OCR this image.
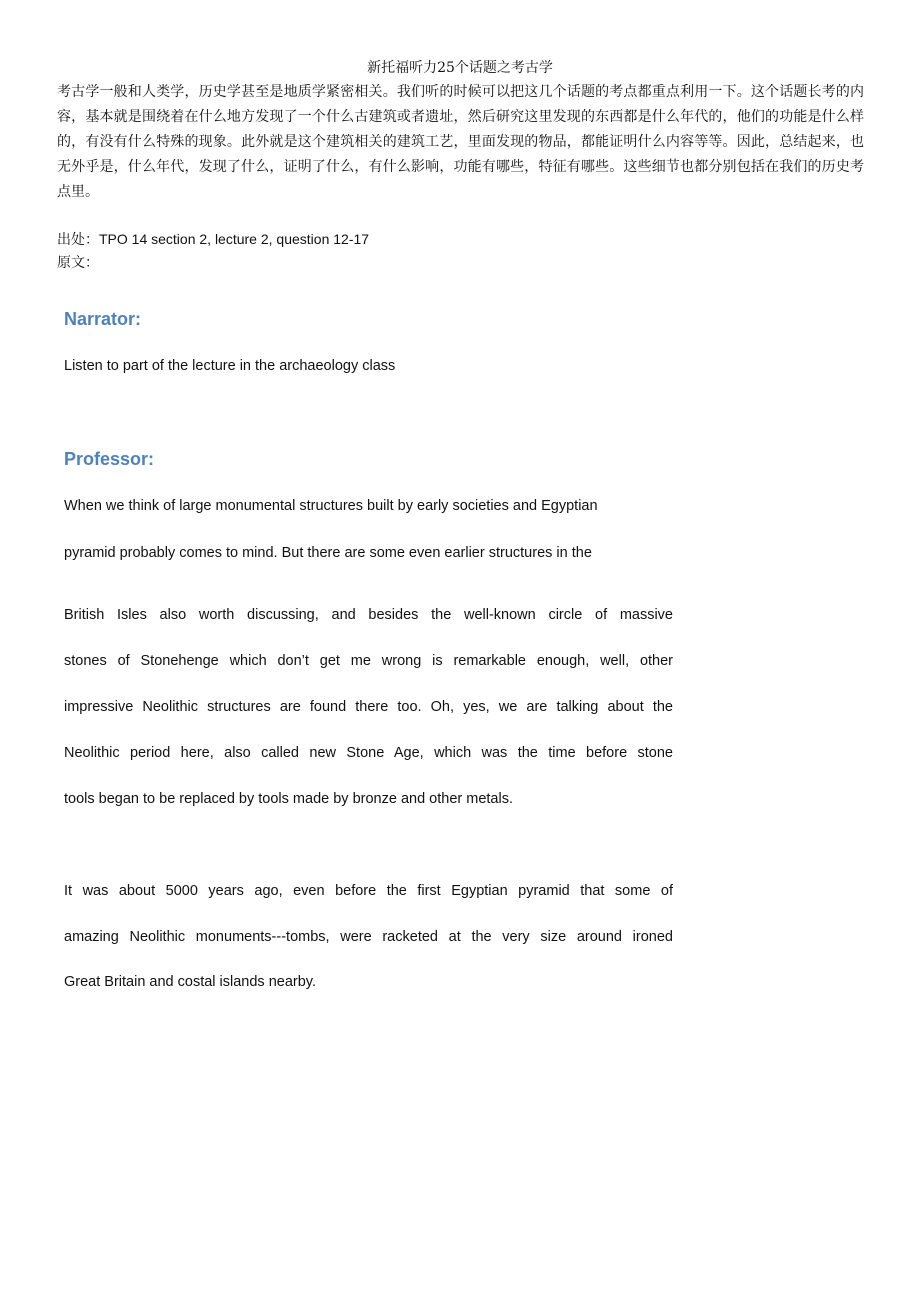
新托福听力25个话题之考古学

考古学一般和人类学，历史学甚至是地质学紧密相关。我们听的时候可以把这几个话题的考点都重点利用一下。这个话题长考的内容，基本就是围绕着在什么地方发现了一个什么古建筑或者遗址，然后研究这里发现的东西都是什么年代的，他们的功能是什么样的，有没有什么特殊的现象。此外就是这个建筑相关的建筑工艺，里面发现的物品，都能证明什么内容等等。因此，总结起来，也无外乎是，什么年代，发现了什么，证明了什么，有什么影响，功能有哪些，特征有哪些。这些细节也都分别包括在我们的历史考点里。

出处：TPO 14 section 2, lecture 2, question 12-17
原文：
Narrator:
Listen to part of the lecture in the archaeology class
Professor:
When we think of large monumental structures built by early societies and Egyptian
pyramid probably comes to mind. But there are some even earlier structures in the
British Isles also worth discussing, and besides the well-known circle of massive
stones of Stonehenge which don’t get me wrong is remarkable enough, well, other
impressive Neolithic structures are found there too. Oh, yes, we are talking about the
Neolithic period here, also called new Stone Age, which was the time before stone
tools began to be replaced by tools made by bronze and other metals.
It was about 5000 years ago, even before the first Egyptian pyramid that some of
amazing Neolithic monuments---tombs, were racketed at the very size around ironed
Great Britain and costal islands nearby.
